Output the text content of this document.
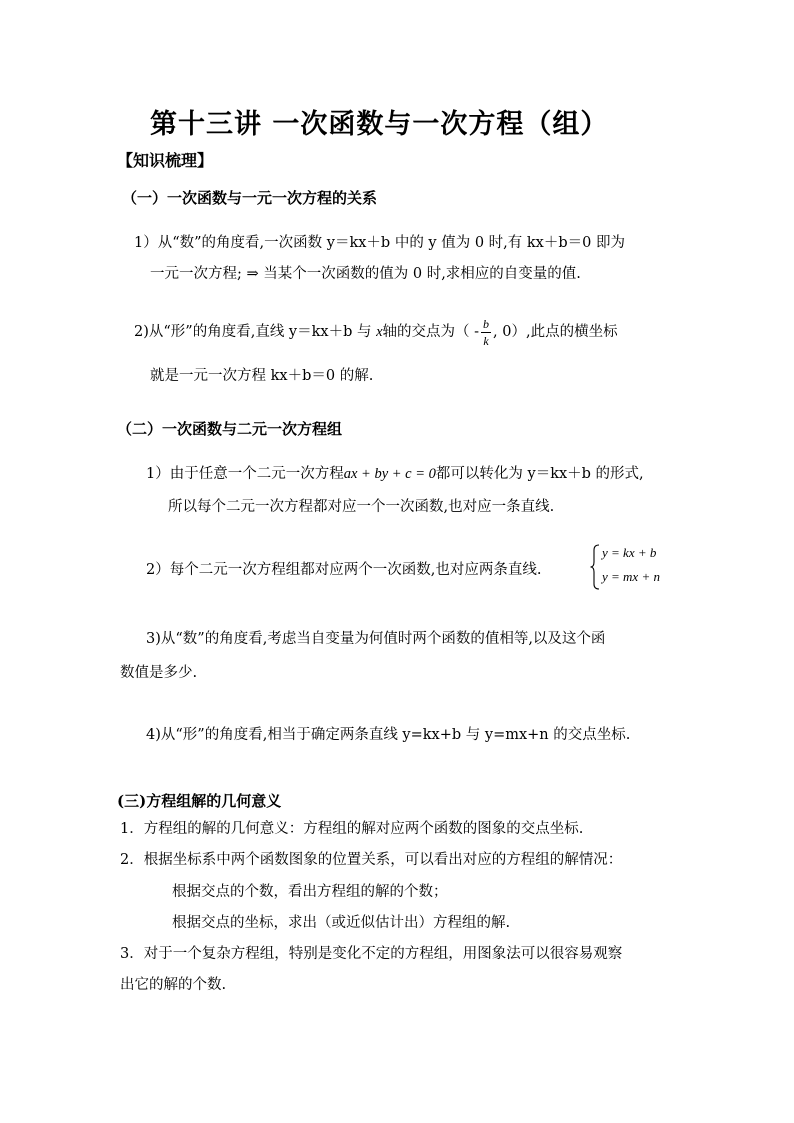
第十三讲 一次函数与一次方程（组）
【知识梳理】
（一）一次函数与一元一次方程的关系
1）从“数”的角度看,一次函数 y＝kx＋b 中的 y 值为 0 时,有 kx＋b＝0 即为
一元一次方程; ⇒ 当某个一次函数的值为 0 时,求相应的自变量的值.
2)从“形”的角度看,直线 y＝kx＋b 与 x轴的交点为（ - $\frac{b}{k}$ , 0）,此点的横坐标
就是一元一次方程 kx＋b＝0 的解.
（二）一次函数与二元一次方程组
1）由于任意一个二元一次方程ax + by + c = 0都可以转化为 y＝kx＋b 的形式,
所以每个二元一次方程都对应一个一次函数,也对应一条直线.
2）每个二元一次方程组都对应两个一次函数,也对应两条直线.
y = kx + b
y = mx + n
3)从“数”的角度看,考虑当自变量为何值时两个函数的值相等,以及这个函
数值是多少.
4)从“形”的角度看,相当于确定两条直线 y=kx+b 与 y=mx+n 的交点坐标.
(三)方程组解的几何意义
1．方程组的解的几何意义：方程组的解对应两个函数的图象的交点坐标.
2．根据坐标系中两个函数图象的位置关系，可以看出对应的方程组的解情况：
根据交点的个数，看出方程组的解的个数；
根据交点的坐标，求出（或近似估计出）方程组的解.
3．对于一个复杂方程组，特别是变化不定的方程组，用图象法可以很容易观察
出它的解的个数.
